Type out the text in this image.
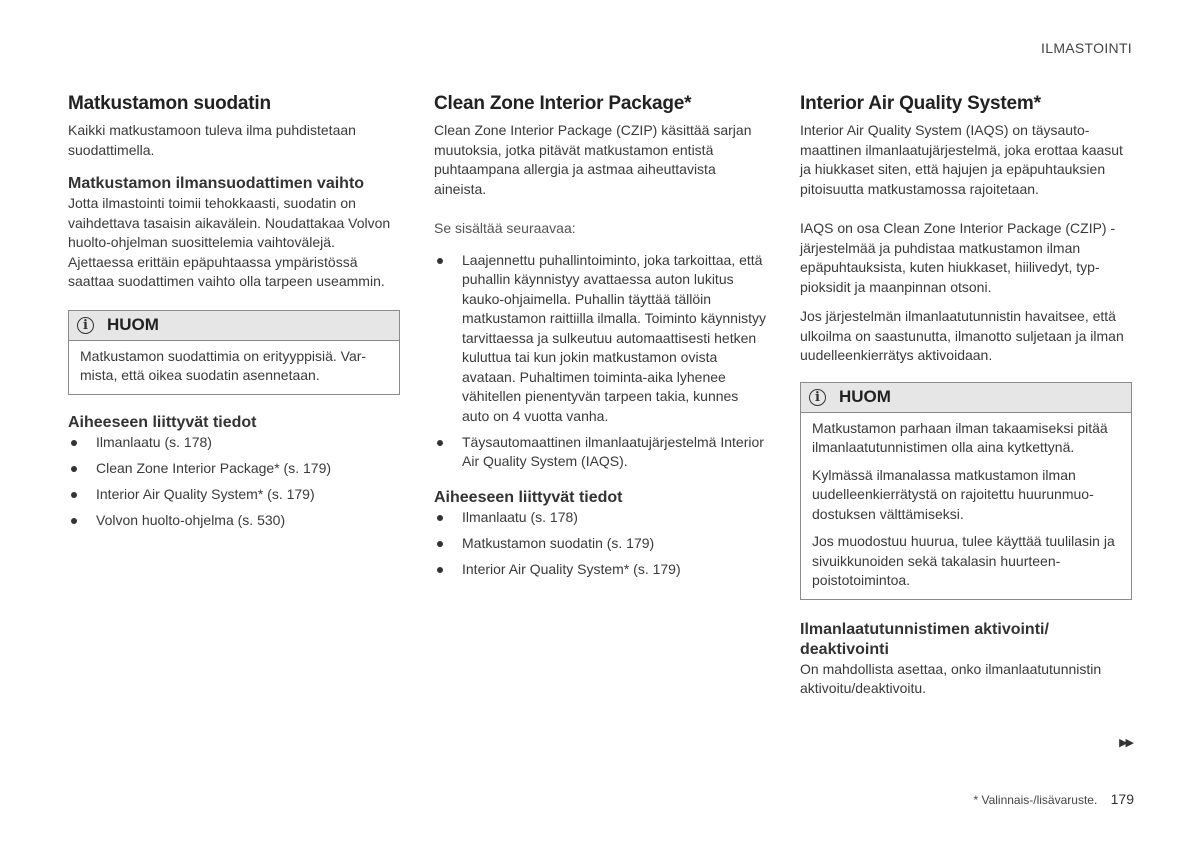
ILMASTOINTI
Matkustamon suodatin

Kaikki matkustamoon tuleva ilma puhdistetaan suodattimella.

Matkustamon ilmansuodattimen vaihto

Jotta ilmastointi toimii tehokkaasti, suodatin on vaihdettava tasaisin aikavälein. Noudattakaa Volvon huolto-ohjelman suosittelemia vaihtovälejä. Ajettaessa erittäin epäpuhtaassa ympäristössä saattaa suodattimen vaihto olla tarpeen useammin.

i	HUOM

Matkustamon suodattimia on erityyppisiä. Varmista, että oikea suodatin asennetaan.

Aiheeseen liittyvät tiedot
Ilmanlaatu (s. 178)
Clean Zone Interior Package* (s. 179)
Interior Air Quality System* (s. 179)
Volvon huolto-ohjelma (s. 530)
Clean Zone Interior Package*

Clean Zone Interior Package (CZIP) käsittää sarjan muutoksia, jotka pitävät matkustamon entistä puhtaampana allergia ja astmaa aiheuttavista aineista.

Se sisältää seuraavaa:

Laajennettu puhallintoiminto, joka tarkoittaa, että puhallin käynnistyy avattaessa auton lukitus kauko-ohjaimella. Puhallin täyttää tällöin matkustamon raittiilla ilmalla. Toiminto käynnistyy tarvittaessa ja sulkeutuu automaattisesti hetken kuluttua tai kun jokin matkustamon ovista avataan. Puhaltimen toiminta-aika lyhenee vähitellen pienentyvän tarpeen takia, kunnes auto on 4 vuotta vanha.
Täysautomaattinen ilmanlaatujärjestelmä Interior Air Quality System (IAQS).
Aiheeseen liittyvät tiedot
Ilmanlaatu (s. 178)
Matkustamon suodatin (s. 179)
Interior Air Quality System* (s. 179)
Interior Air Quality System*

Interior Air Quality System (IAQS) on täysautomaattinen ilmanlaatujärjestelmä, joka erottaa kaasut ja hiukkaset siten, että hajujen ja epäpuhtauksien pitoisuutta matkustamossa rajoitetaan.

IAQS on osa Clean Zone Interior Package (CZIP) -järjestelmää ja puhdistaa matkustamon ilman epäpuhtauksista, kuten hiukkaset, hiilivedyt, typpioksidit ja maanpinnan otsoni.

Jos järjestelmän ilmanlaatutunnistin havaitsee, että ulkoilma on saastunutta, ilmanotto suljetaan ja ilman uudelleenkierrätys aktivoidaan.

i	HUOM

Matkustamon parhaan ilman takaamiseksi pitää ilmanlaatutunnistimen olla aina kytkettynä.

Kylmässä ilmanalassa matkustamon ilman uudelleenkierrätystä on rajoitettu huurunmuodostuksen välttämiseksi.

Jos muodostuu huurua, tulee käyttää tuulilasin ja sivuikkunoiden sekä takalasin huurteenpoistotoimintoa.

Ilmanlaatutunnistimen aktivointi/ deaktivointi

On mahdollista asettaa, onko ilmanlaatutunnistin aktivoitu/deaktivoitu.

▶▶
* Valinnais-/lisävaruste. 179
